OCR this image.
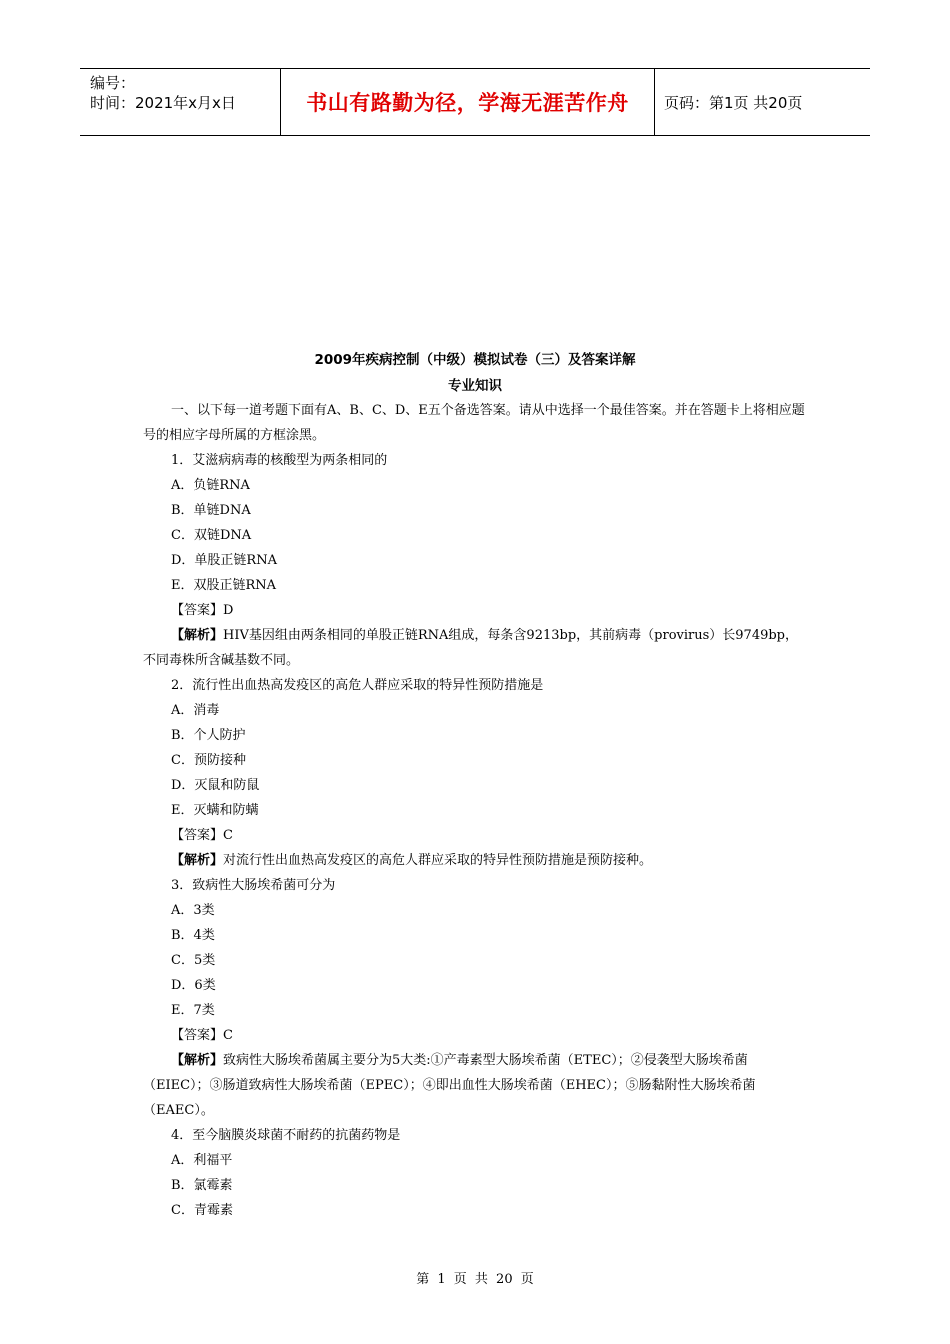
编号：
时间：2021年x月x日	书山有路勤为径，学海无涯苦作舟	页码：第1页 共20页
2009年疾病控制（中级）模拟试卷（三）及答案详解
专业知识

一、以下每一道考题下面有A、B、C、D、E五个备选答案。请从中选择一个最佳答案。并在答题卡上将相应题号的相应字母所属的方框涂黑。

1．艾滋病病毒的核酸型为两条相同的

A．负链RNA

B．单链DNA

C．双链DNA

D．单股正链RNA

E．双股正链RNA

【答案】D

【解析】HIV基因组由两条相同的单股正链RNA组成，每条含9213bp，其前病毒（provirus）长9749bp，不同毒株所含碱基数不同。

2．流行性出血热高发疫区的高危人群应采取的特异性预防措施是

A．消毒

B．个人防护

C．预防接种

D．灭鼠和防鼠

E．灭螨和防螨

【答案】C

【解析】对流行性出血热高发疫区的高危人群应采取的特异性预防措施是预防接种。

3．致病性大肠埃希菌可分为

A．3类

B．4类

C．5类

D．6类

E．7类

【答案】C

【解析】致病性大肠埃希菌属主要分为5大类:①产毒素型大肠埃希菌（ETEC）；②侵袭型大肠埃希菌（EIEC）；③肠道致病性大肠埃希菌（EPEC）；④即出血性大肠埃希菌（EHEC）；⑤肠黏附性大肠埃希菌（EAEC）。

4．至今脑膜炎球菌不耐药的抗菌药物是

A．利福平

B．氯霉素

C．青霉素

第 1 页 共 20 页
